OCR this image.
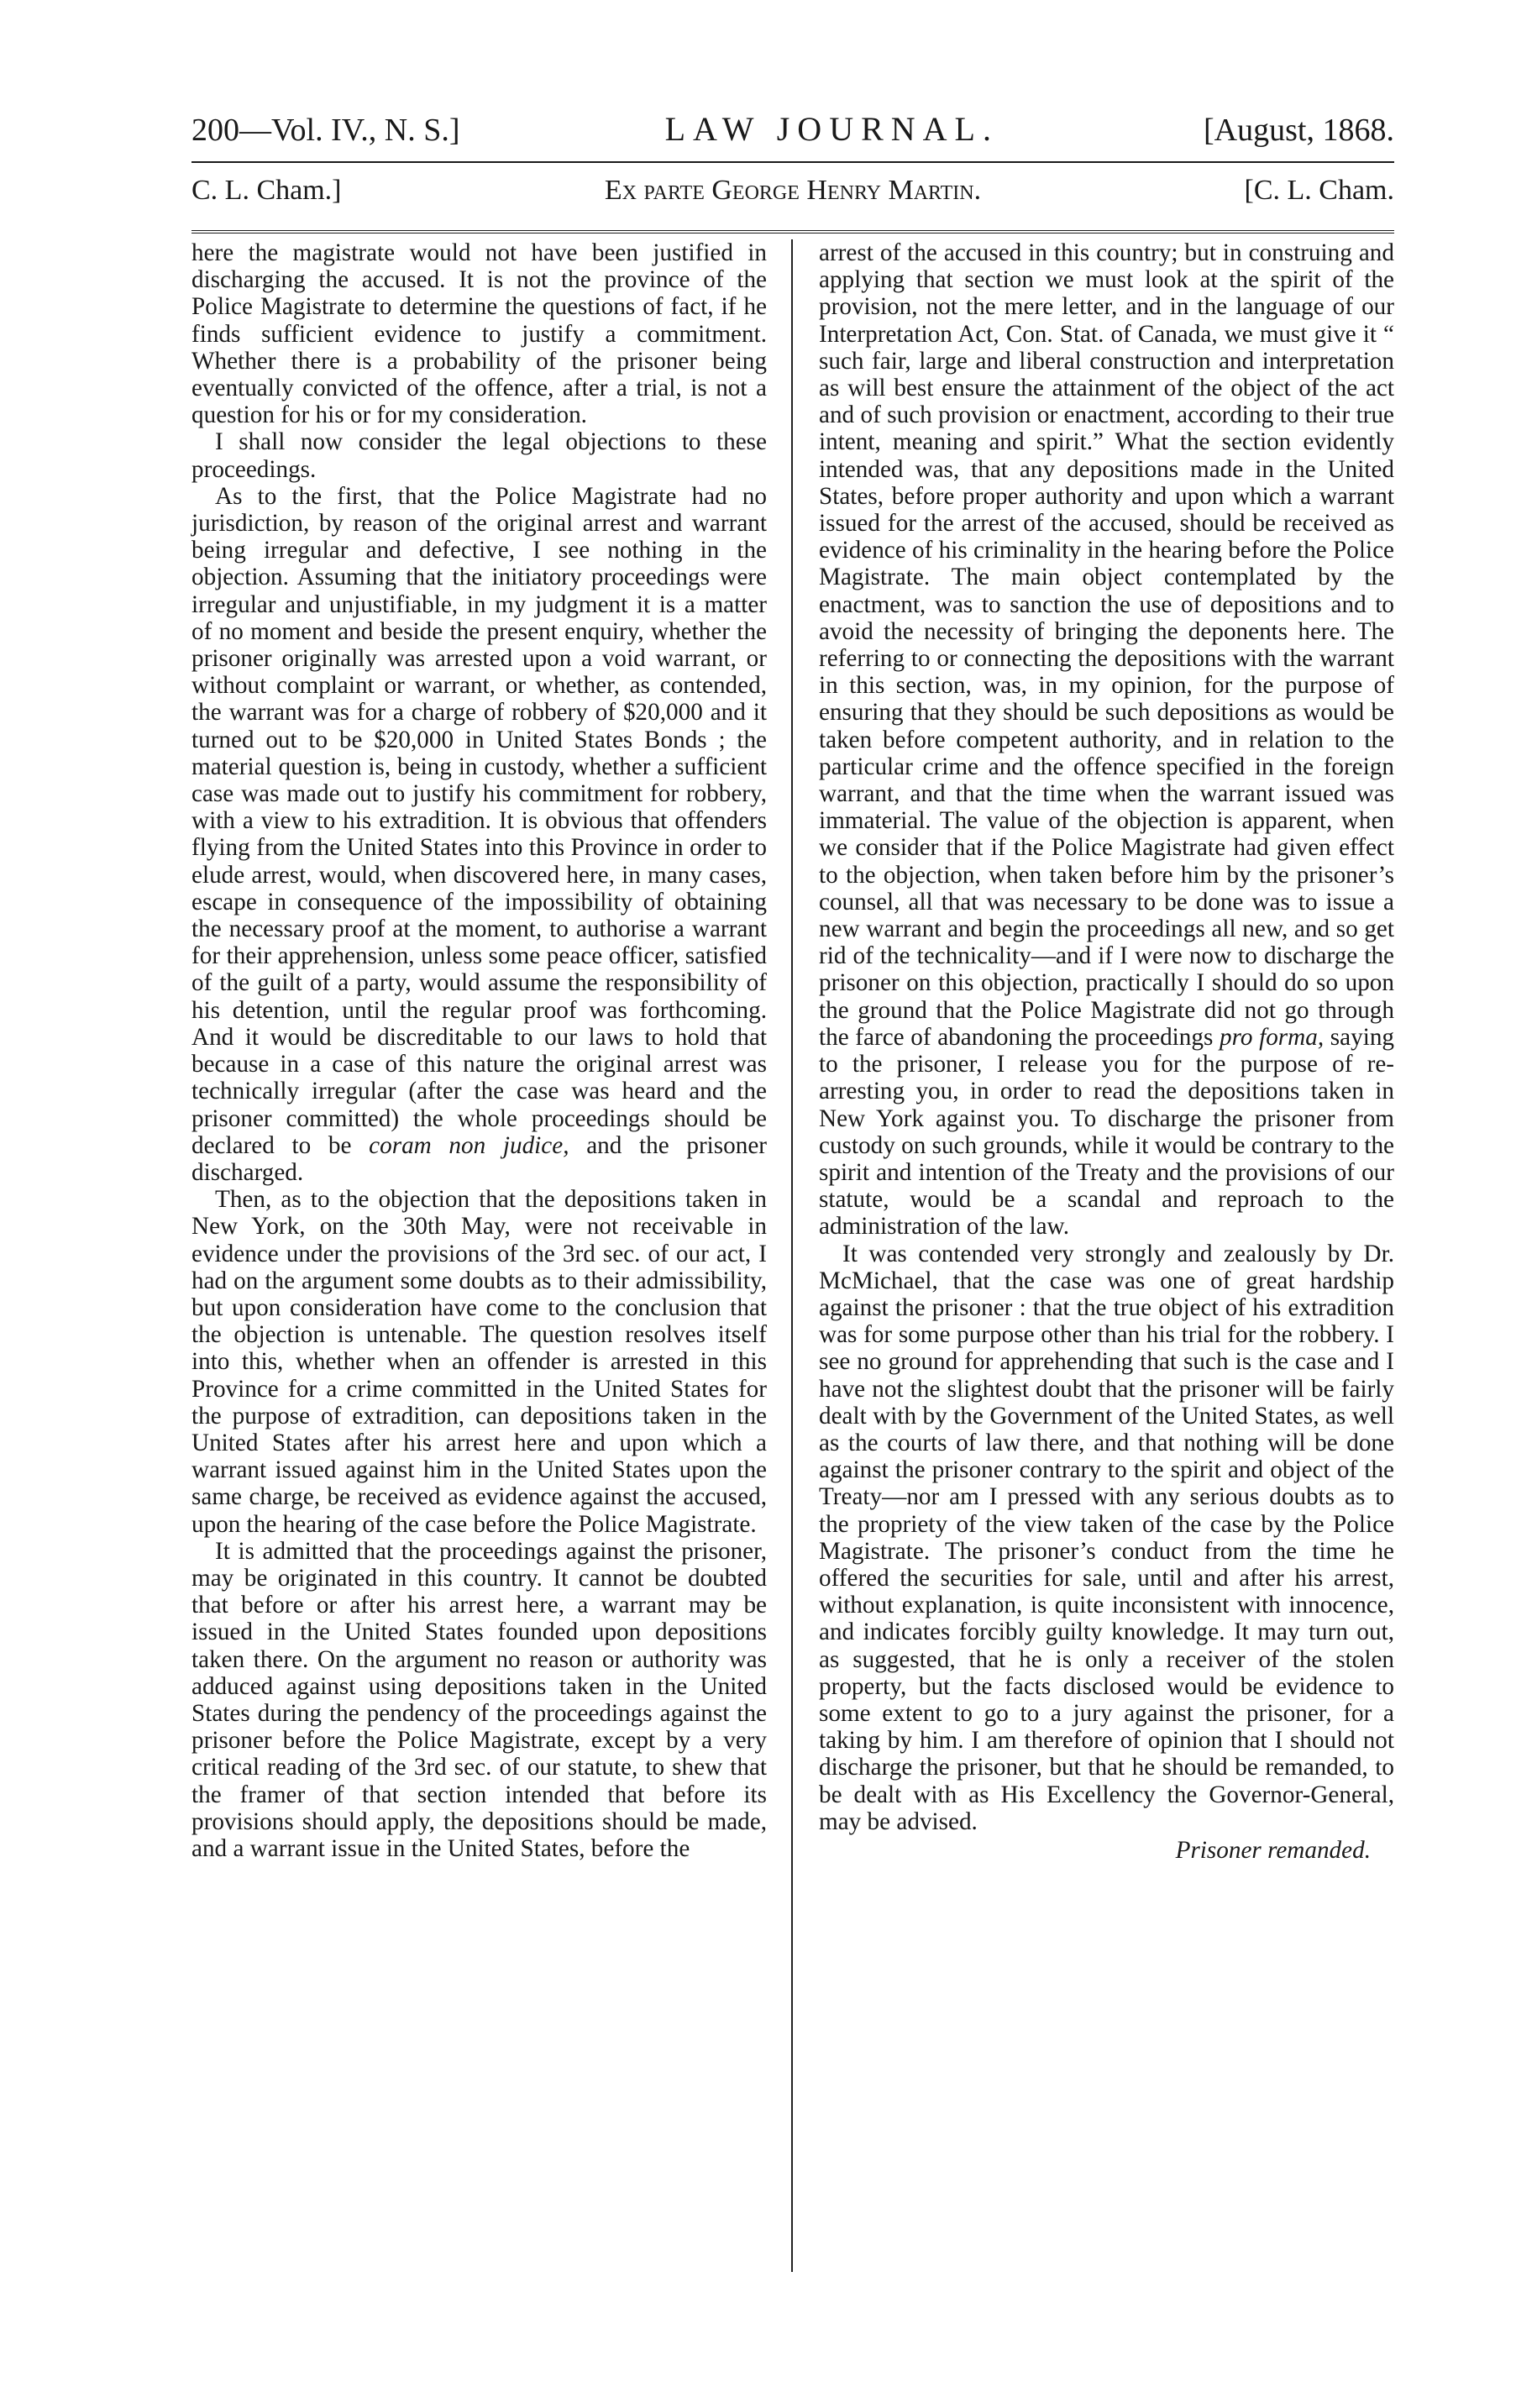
200—Vol. IV., N. S.]	LAW JOURNAL.	[August, 1868.
C. L. Cham.]	Ex parte George Henry Martin.	[C. L. Cham.

here the magistrate would not have been justified in discharging the accused. It is not the province of the Police Magistrate to determine the questions of fact, if he finds sufficient evidence to justify a commitment. Whether there is a probability of the prisoner being eventually convicted of the offence, after a trial, is not a question for his or for my consideration.

I shall now consider the legal objections to these proceedings.

As to the first, that the Police Magistrate had no jurisdiction, by reason of the original arrest and warrant being irregular and defective, I see nothing in the objection. Assuming that the initiatory proceedings were irregular and unjustifiable, in my judgment it is a matter of no moment and beside the present enquiry, whether the prisoner originally was arrested upon a void warrant, or without complaint or warrant, or whether, as contended, the warrant was for a charge of robbery of $20,000 and it turned out to be $20,000 in United States Bonds ; the material question is, being in custody, whether a sufficient case was made out to justify his commitment for robbery, with a view to his extradition. It is obvious that offenders flying from the United States into this Province in order to elude arrest, would, when discovered here, in many cases, escape in consequence of the impossibility of obtaining the necessary proof at the moment, to authorise a warrant for their apprehension, unless some peace officer, satisfied of the guilt of a party, would assume the responsibility of his detention, until the regular proof was forthcoming. And it would be discreditable to our laws to hold that because in a case of this nature the original arrest was technically irregular (after the case was heard and the prisoner committed) the whole proceedings should be declared to be coram non judice, and the prisoner discharged.

Then, as to the objection that the depositions taken in New York, on the 30th May, were not receivable in evidence under the provisions of the 3rd sec. of our act, I had on the argument some doubts as to their admissibility, but upon consideration have come to the conclusion that the objection is untenable. The question resolves itself into this, whether when an offender is arrested in this Province for a crime committed in the United States for the purpose of extradition, can depositions taken in the United States after his arrest here and upon which a warrant issued against him in the United States upon the same charge, be received as evidence against the accused, upon the hearing of the case before the Police Magistrate.

It is admitted that the proceedings against the prisoner, may be originated in this country. It cannot be doubted that before or after his arrest here, a warrant may be issued in the United States founded upon depositions taken there. On the argument no reason or authority was adduced against using depositions taken in the United States during the pendency of the proceedings against the prisoner before the Police Magistrate, except by a very critical reading of the 3rd sec. of our statute, to shew that the framer of that section intended that before its provisions should apply, the depositions should be made, and a warrant issue in the United States, before the

arrest of the accused in this country; but in construing and applying that section we must look at the spirit of the provision, not the mere letter, and in the language of our Interpretation Act, Con. Stat. of Canada, we must give it “ such fair, large and liberal construction and interpretation as will best ensure the attainment of the object of the act and of such provision or enactment, according to their true intent, meaning and spirit.” What the section evidently intended was, that any depositions made in the United States, before proper authority and upon which a warrant issued for the arrest of the accused, should be received as evidence of his criminality in the hearing before the Police Magistrate. The main object contemplated by the enactment, was to sanction the use of depositions and to avoid the necessity of bringing the deponents here. The referring to or connecting the depositions with the warrant in this section, was, in my opinion, for the purpose of ensuring that they should be such depositions as would be taken before competent authority, and in relation to the particular crime and the offence specified in the foreign warrant, and that the time when the warrant issued was immaterial. The value of the objection is apparent, when we consider that if the Police Magistrate had given effect to the objection, when taken before him by the prisoner’s counsel, all that was necessary to be done was to issue a new warrant and begin the proceedings all new, and so get rid of the technicality—and if I were now to discharge the prisoner on this objection, practically I should do so upon the ground that the Police Magistrate did not go through the farce of abandoning the proceedings pro forma, saying to the prisoner, I release you for the purpose of re-arresting you, in order to read the depositions taken in New York against you. To discharge the prisoner from custody on such grounds, while it would be contrary to the spirit and intention of the Treaty and the provisions of our statute, would be a scandal and reproach to the administration of the law.

It was contended very strongly and zealously by Dr. McMichael, that the case was one of great hardship against the prisoner : that the true object of his extradition was for some purpose other than his trial for the robbery. I see no ground for apprehending that such is the case and I have not the slightest doubt that the prisoner will be fairly dealt with by the Government of the United States, as well as the courts of law there, and that nothing will be done against the prisoner contrary to the spirit and object of the Treaty—nor am I pressed with any serious doubts as to the propriety of the view taken of the case by the Police Magistrate. The prisoner’s conduct from the time he offered the securities for sale, until and after his arrest, without explanation, is quite inconsistent with innocence, and indicates forcibly guilty knowledge. It may turn out, as suggested, that he is only a receiver of the stolen property, but the facts disclosed would be evidence to some extent to go to a jury against the prisoner, for a taking by him. I am therefore of opinion that I should not discharge the prisoner, but that he should be remanded, to be dealt with as His Excellency the Governor-General, may be advised.

Prisoner remanded.
